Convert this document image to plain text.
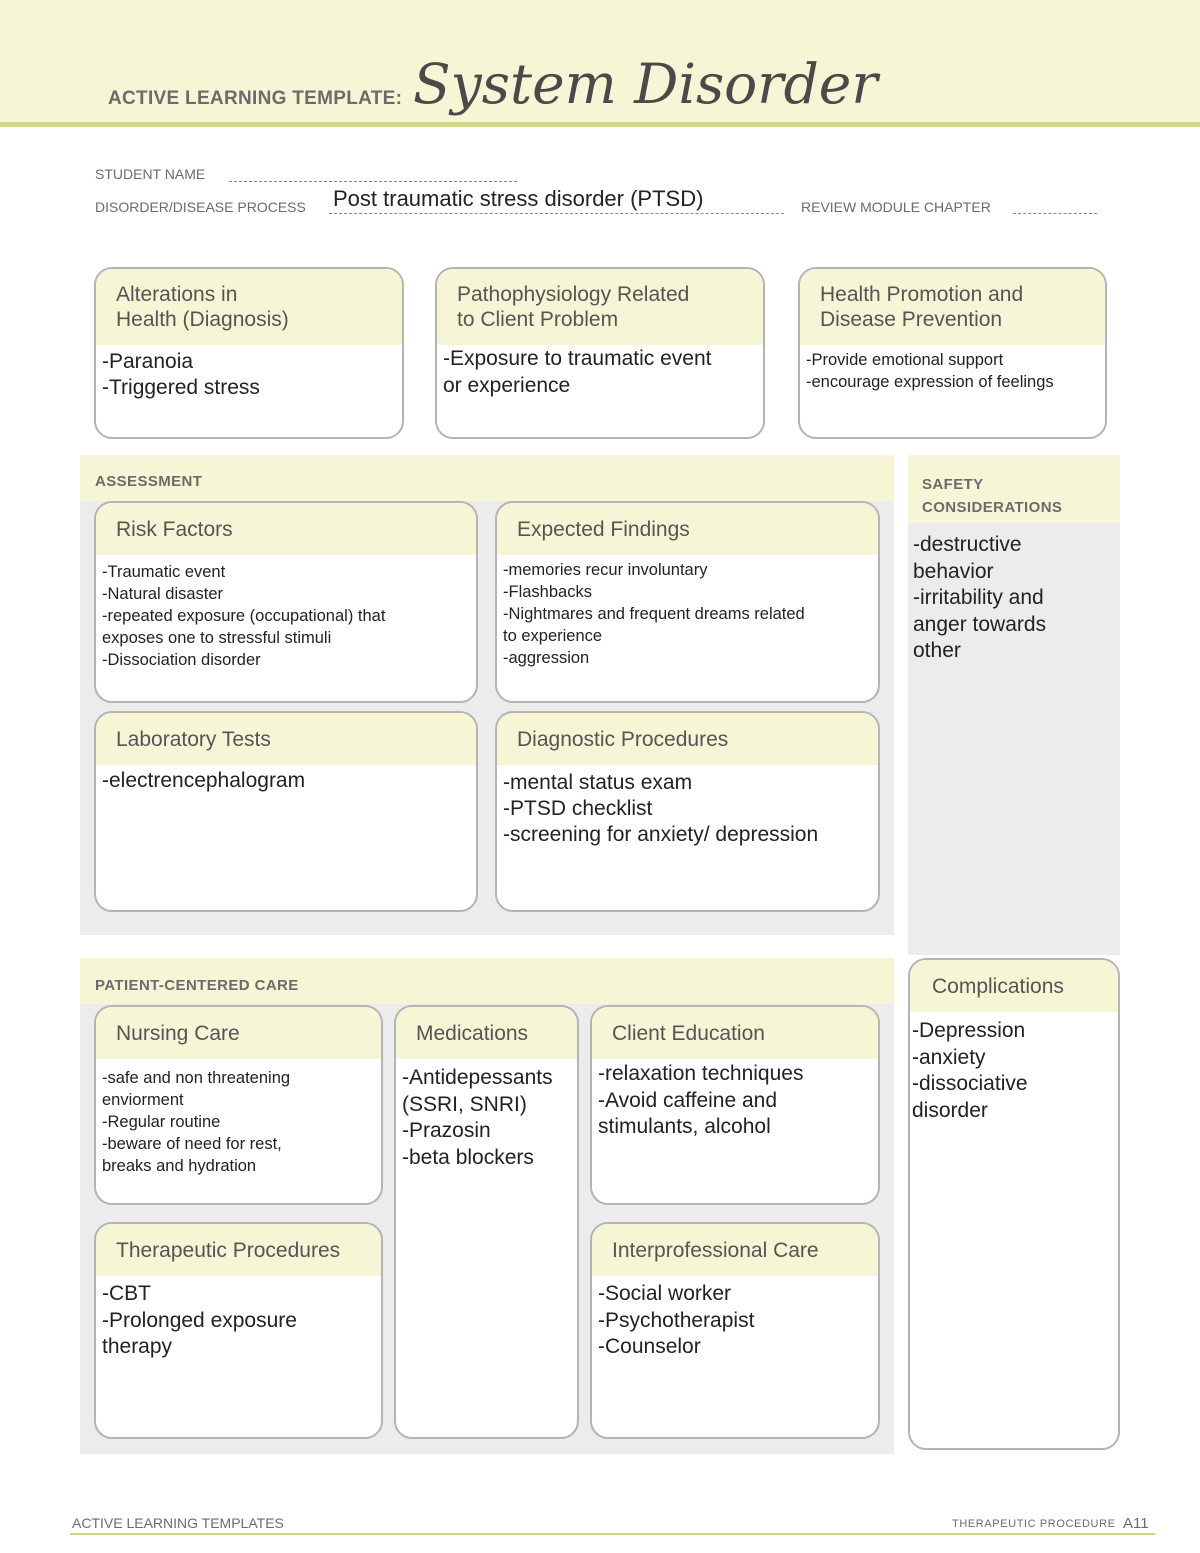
ACTIVE LEARNING TEMPLATE: System Disorder
STUDENT NAME
DISORDER/DISEASE PROCESS Post traumatic stress disorder (PTSD)	REVIEW MODULE CHAPTER
Alterations in
Health (Diagnosis)
-Paranoia
-Triggered stress
Pathophysiology Related
to Client Problem
-Exposure to traumatic event
or experience
Health Promotion and
Disease Prevention
-Provide emotional support
-encourage expression of feelings
ASSESSMENT
Risk Factors
-Traumatic event
-Natural disaster
-repeated exposure (occupational) that
exposes one to stressful stimuli
-Dissociation disorder
Expected Findings
-memories recur involuntary
-Flashbacks
-Nightmares and frequent dreams related
to experience
-aggression
Laboratory Tests
-electrencephalogram
Diagnostic Procedures
-mental status exam
-PTSD checklist
-screening for anxiety/ depression
SAFETY
CONSIDERATIONS
-destructive
behavior
-irritability and
anger towards
other
PATIENT-CENTERED CARE
Nursing Care
-safe and non threatening
enviorment
-Regular routine
-beware of need for rest,
breaks and hydration
Medications
-Antidepessants
(SSRI, SNRI)
-Prazosin
-beta blockers
Client Education
-relaxation techniques
-Avoid caffeine and
stimulants, alcohol
Therapeutic Procedures
-CBT
-Prolonged exposure
therapy
Interprofessional Care
-Social worker
-Psychotherapist
-Counselor
Complications
-Depression
-anxiety
-dissociative
disorder
ACTIVE LEARNING TEMPLATES	THERAPEUTIC PROCEDURE A11
